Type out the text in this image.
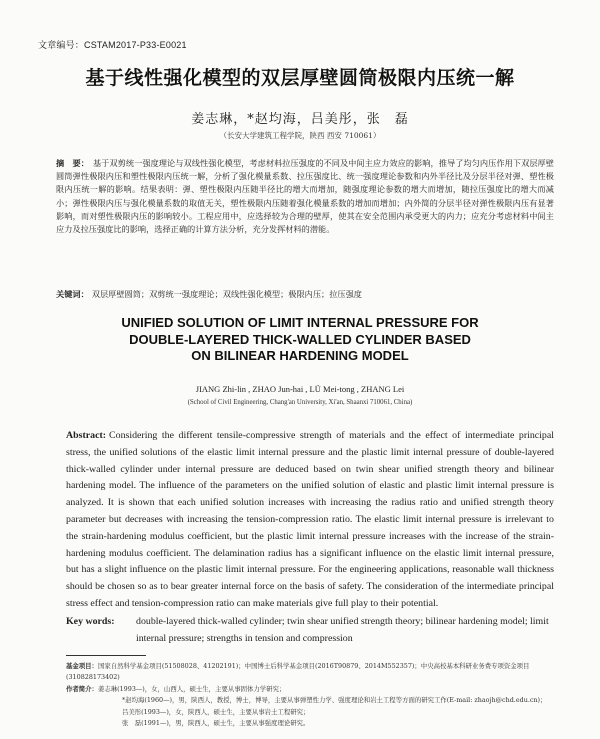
文章编号：CSTAM2017-P33-E0021
基于线性强化模型的双层厚壁圆筒极限内压统一解
姜志琳，*赵均海，吕美彤，张　磊
（长安大学建筑工程学院，陕西 西安 710061）
摘　要： 基于双剪统一强度理论与双线性强化模型，考虑材料拉压强度的不同及中间主应力效应的影响，推导了均匀内压作用下双层厚壁圆筒弹性极限内压和塑性极限内压统一解，分析了强化模量系数、拉压强度比、统一强度理论参数和内外半径比及分层半径对弹、塑性极限内压统一解的影响。结果表明：弹、塑性极限内压随半径比的增大而增加，随强度理论参数的增大而增加，随拉压强度比的增大而减小；弹性极限内压与强化模量系数的取值无关，塑性极限内压随着强化模量系数的增加而增加；内外简的分层半径对弹性极限内压有显著影响，而对塑性极限内压的影响较小。工程应用中，应选择较为合理的壁厚，使其在安全范围内承受更大的内力；应充分考虑材料中间主应力及拉压强度比的影响，选择正确的计算方法分析，充分发挥材料的潜能。
关键词： 双层厚壁圆筒；双剪统一强度理论；双线性强化模型；极限内压；拉压强度
UNIFIED SOLUTION OF LIMIT INTERNAL PRESSURE FOR
DOUBLE-LAYERED THICK-WALLED CYLINDER BASED
ON BILINEAR HARDENING MODEL
JIANG Zhi-lin , ZHAO Jun-hai , LÜ Mei-tong , ZHANG Lei
(School of Civil Engineering, Chang'an University, Xi'an, Shaanxi 710061, China)
Abstract: Considering the different tensile-compressive strength of materials and the effect of intermediate principal stress, the unified solutions of the elastic limit internal pressure and the plastic limit internal pressure of double-layered thick-walled cylinder under internal pressure are deduced based on twin shear unified strength theory and bilinear hardening model. The influence of the parameters on the unified solution of elastic and plastic limit internal pressure is analyzed. It is shown that each unified solution increases with increasing the radius ratio and unified strength theory parameter but decreases with increasing the tension-compression ratio. The elastic limit internal pressure is irrelevant to the strain-hardening modulus coefficient, but the plastic limit internal pressure increases with the increase of the strain-hardening modulus coefficient. The delamination radius has a significant influence on the elastic limit internal pressure, but has a slight influence on the plastic limit internal pressure. For the engineering applications, reasonable wall thickness should be chosen so as to bear greater internal force on the basis of safety. The consideration of the intermediate principal stress effect and tension-compression ratio can make materials give full play to their potential.
Key words: double-layered thick-walled cylinder; twin shear unified strength theory; bilinear hardening model; limit internal pressure; strengths in tension and compression

基金项目：国家自然科学基金项目(51508028、41202191)；中国博士后科学基金项目(2016T90879、2014M552357)；中央高校基本科研业务费专项资金项目(310828173402)

作者简介：姜志琳(1993—)，女，山西人，硕士生，主要从事固体力学研究；

*赵均海(1960—)，男，陕西人，教授，博士，博导，主要从事弹塑性力学、强度理论和岩土工程等方面的研究工作(E-mail: zhaojh@chd.edu.cn)；

吕美彤(1993—)，女，陕西人，硕士生，主要从事岩土工程研究；

张　磊(1991—)，男，陕西人，硕士生，主要从事强度理论研究。
